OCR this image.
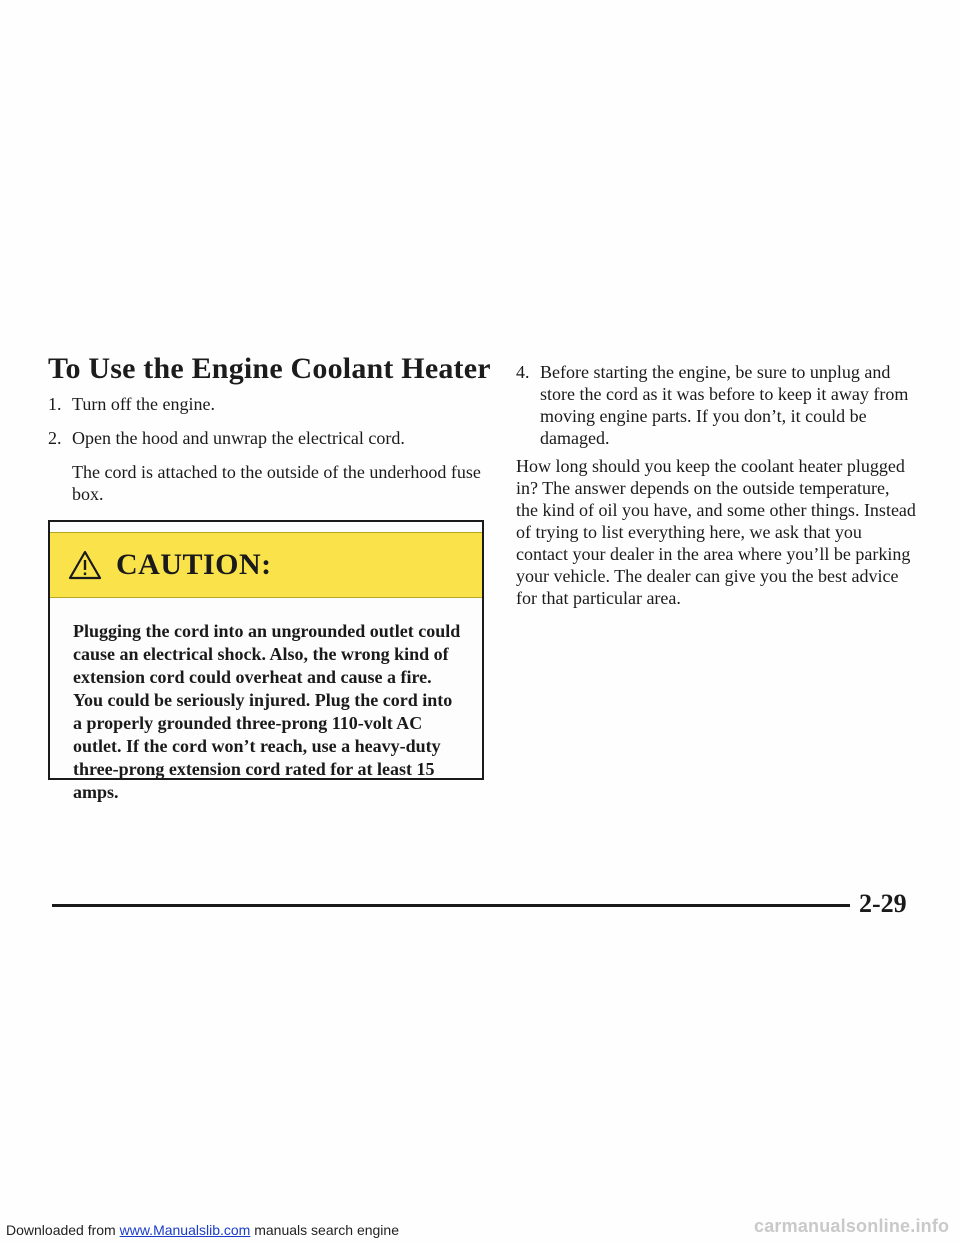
To Use the Engine Coolant Heater
1. Turn off the engine.
2. Open the hood and unwrap the electrical cord.

The cord is attached to the outside of the underhood fuse box.

CAUTION:
Plugging the cord into an ungrounded outlet could cause an electrical shock. Also, the wrong kind of extension cord could overheat and cause a fire. You could be seriously injured. Plug the cord into a properly grounded three-prong 110-volt AC outlet. If the cord won’t reach, use a heavy-duty three-prong extension cord rated for at least 15 amps.
4. Before starting the engine, be sure to unplug and store the cord as it was before to keep it away from moving engine parts. If you don’t, it could be damaged.

How long should you keep the coolant heater plugged in? The answer depends on the outside temperature, the kind of oil you have, and some other things. Instead of trying to list everything here, we ask that you contact your dealer in the area where you’ll be parking your vehicle. The dealer can give you the best advice for that particular area.

2-29
Downloaded from www.Manualslib.com manuals search engine	carmanualsonline.info
